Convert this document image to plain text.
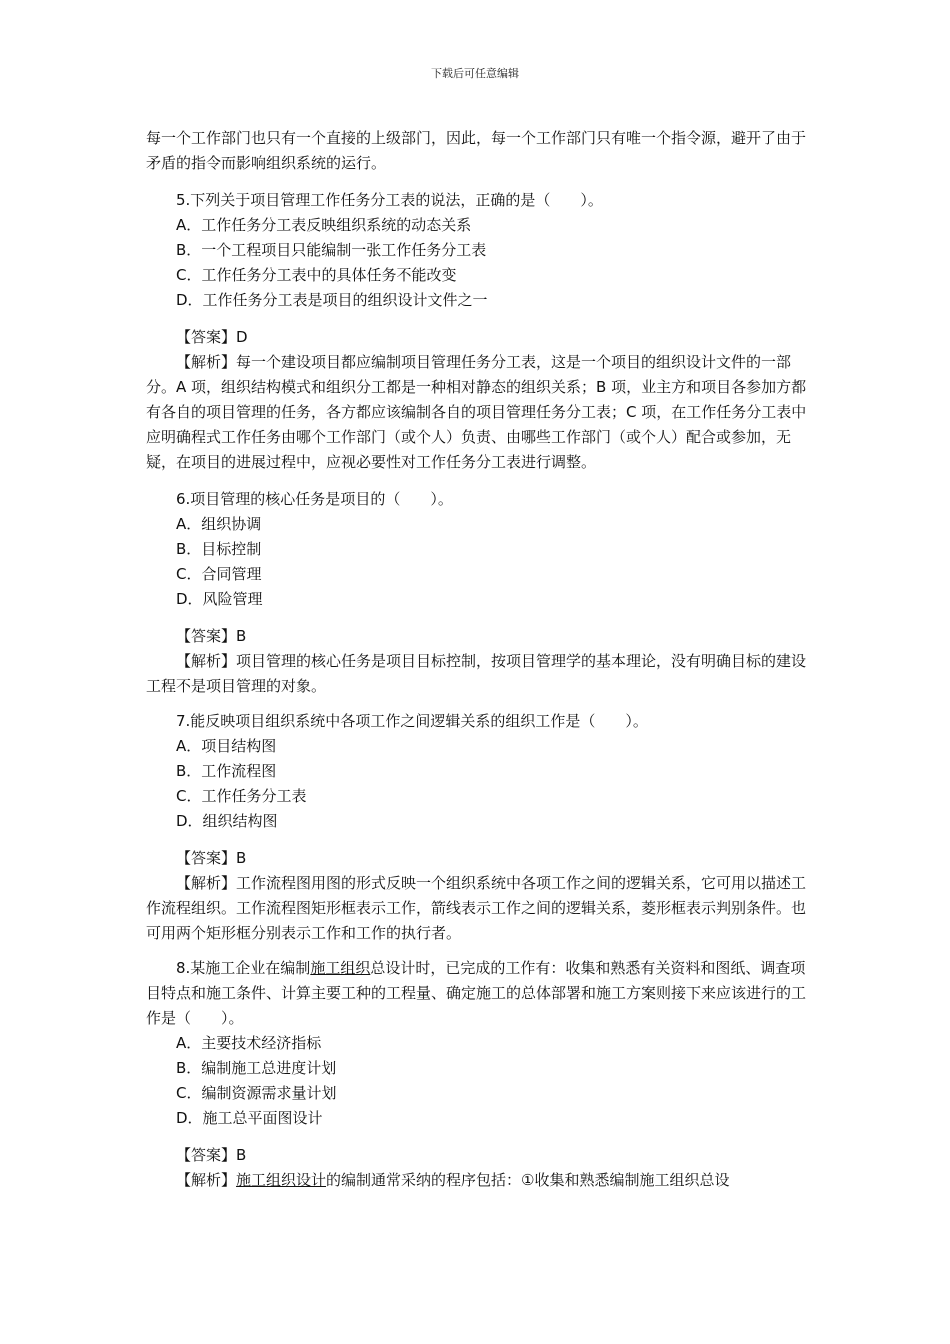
下载后可任意编辑

每一个工作部门也只有一个直接的上级部门，因此，每一个工作部门只有唯一个指令源，避开了由于矛盾的指令而影响组织系统的运行。

5.下列关于项目管理工作任务分工表的说法，正确的是（　　）。

A．工作任务分工表反映组织系统的动态关系

B．一个工程项目只能编制一张工作任务分工表

C．工作任务分工表中的具体任务不能改变

D．工作任务分工表是项目的组织设计文件之一

【答案】D

【解析】每一个建设项目都应编制项目管理任务分工表，这是一个项目的组织设计文件的一部分。A 项，组织结构模式和组织分工都是一种相对静态的组织关系；B 项，业主方和项目各参加方都有各自的项目管理的任务，各方都应该编制各自的项目管理任务分工表；C 项，在工作任务分工表中应明确程式工作任务由哪个工作部门（或个人）负责、由哪些工作部门（或个人）配合或参加，无疑，在项目的进展过程中，应视必要性对工作任务分工表进行调整。

6.项目管理的核心任务是项目的（　　）。

A．组织协调

B．目标控制

C．合同管理

D．风险管理

【答案】B

【解析】项目管理的核心任务是项目目标控制，按项目管理学的基本理论，没有明确目标的建设工程不是项目管理的对象。

7.能反映项目组织系统中各项工作之间逻辑关系的组织工作是（　　）。

A．项目结构图

B．工作流程图

C．工作任务分工表

D．组织结构图

【答案】B

【解析】工作流程图用图的形式反映一个组织系统中各项工作之间的逻辑关系，它可用以描述工作流程组织。工作流程图矩形框表示工作，箭线表示工作之间的逻辑关系，菱形框表示判别条件。也可用两个矩形框分别表示工作和工作的执行者。

8.某施工企业在编制施工组织总设计时，已完成的工作有：收集和熟悉有关资料和图纸、调查项目特点和施工条件、计算主要工种的工程量、确定施工的总体部署和施工方案则接下来应该进行的工作是（　　）。

A．主要技术经济指标

B．编制施工总进度计划

C．编制资源需求量计划

D．施工总平面图设计

【答案】B

【解析】施工组织设计的编制通常采纳的程序包括：①收集和熟悉编制施工组织总设
